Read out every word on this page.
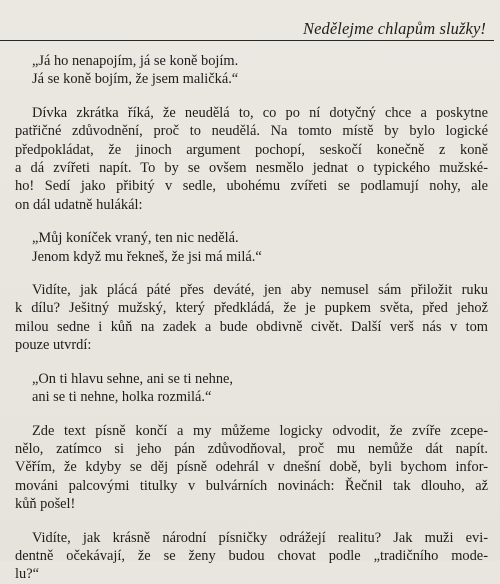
Nedělejme chlapům služky!
„Já ho nenapojím, já se koně bojím.
Já se koně bojím, že jsem maličká.“
Dívka zkrátka říká, že neudělá to, co po ní dotyčný chce a poskytne
patřičné zdůvodnění, proč to neudělá. Na tomto místě by bylo logické
předpokládat, že jinoch argument pochopí, seskočí konečně z koně
a dá zvířeti napít. To by se ovšem nesmělo jednat o typického mužské-
ho! Sedí jako přibitý v sedle, ubohému zvířeti se podlamují nohy, ale
on dál udatně hulákál:
„Můj koníček vraný, ten nic nedělá.
Jenom když mu řekneš, že jsi má milá.“
Vidíte, jak plácá páté přes deváté, jen aby nemusel sám přiložit ruku
k dílu? Ješitný mužský, který předkládá, že je pupkem světa, před jehož
milou sedne i kůň na zadek a bude obdivně civět. Další verš nás v tom
pouze utvrdí:
„On ti hlavu sehne, ani se ti nehne,
ani se ti nehne, holka rozmilá.“
Zde text písně končí a my můžeme logicky odvodit, že zvíře zcepe-
nělo, zatímco si jeho pán zdůvodňoval, proč mu nemůže dát napít.
Věřím, že kdyby se děj písně odehrál v dnešní době, byli bychom infor-
mováni palcovými titulky v bulvárních novinách: Řečnil tak dlouho, až
kůň pošel!
Vidíte, jak krásně národní písničky odrážejí realitu? Jak muži evi-
dentně očekávají, že se ženy budou chovat podle „tradičního mode-
lu?“
